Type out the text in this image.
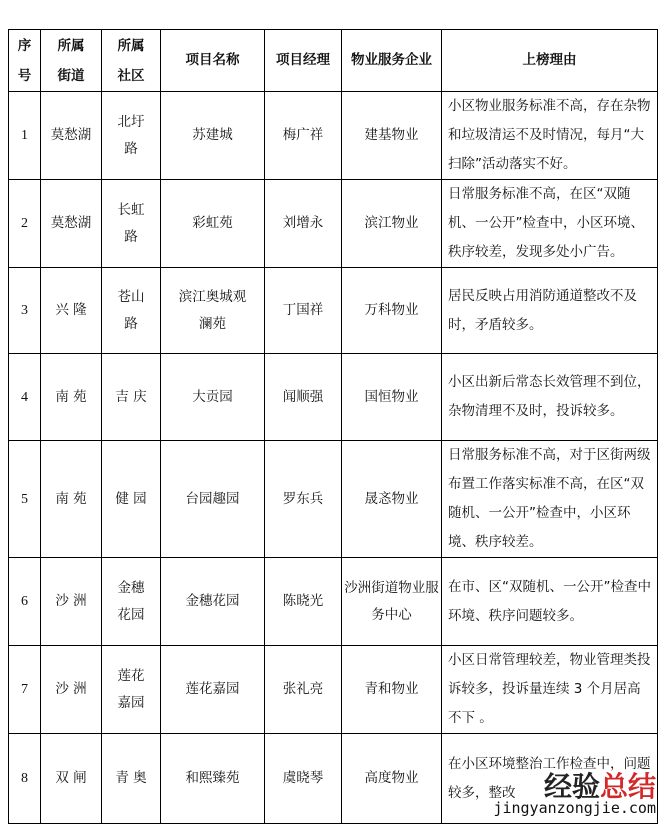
序号	所属街道	所属社区	项目名称	项目经理	物业服务企业	上榜理由
1	莫愁湖	北圩路	苏建城	梅广祥	建基物业	小区物业服务标准不高，存在杂物和垃圾清运不及时情况，每月“大扫除”活动落实不好。
2	莫愁湖	长虹路	彩虹苑	刘增永	滨江物业	日常服务标准不高，在区“双随机、一公开”检查中，小区环境、秩序较差，发现多处小广告。
3	兴 隆	苍山路	滨江奥城观澜苑	丁国祥	万科物业	居民反映占用消防通道整改不及时，矛盾较多。
4	南 苑	吉 庆	大贡园	闻顺强	国恒物业	小区出新后常态长效管理不到位，杂物清理不及时，投诉较多。
5	南 苑	健 园	台园趣园	罗东兵	晟忞物业	日常服务标准不高，对于区街两级布置工作落实标准不高，在区“双随机、一公开”检查中，小区环境、秩序较差。
6	沙 洲	金穗花园	金穗花园	陈晓光	沙洲街道物业服务中心	在市、区“双随机、一公开”检查中环境、秩序问题较多。
7	沙 洲	莲花嘉园	莲花嘉园	张礼亮	青和物业	小区日常管理较差，物业管理类投诉较多，投诉量连续 3 个月居高不下 。
8	双 闸	青 奥	和熙臻苑	虞晓琴	高度物业	在小区环境整治工作检查中，问题较多，整改	经验总结
jingyanzongjie.com
